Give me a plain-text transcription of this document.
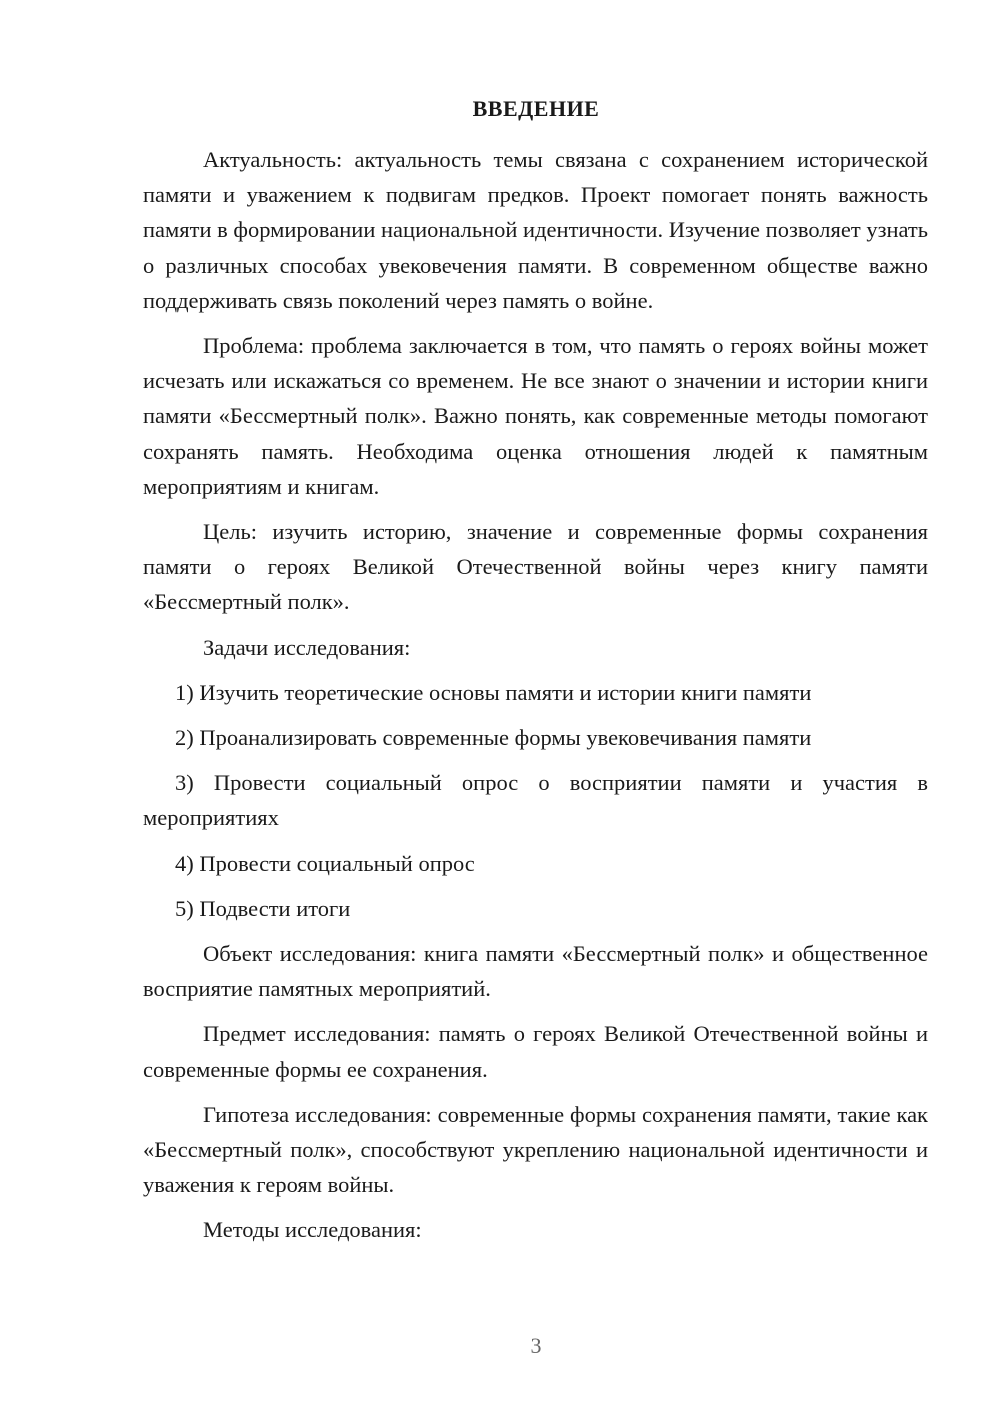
ВВЕДЕНИЕ

Актуальность: актуальность темы связана с сохранением исторической памяти и уважением к подвигам предков. Проект помогает понять важность памяти в формировании национальной идентичности. Изучение позволяет узнать о различных способах увековечения памяти. В современном обществе важно поддерживать связь поколений через память о войне.

Проблема: проблема заключается в том, что память о героях войны может исчезать или искажаться со временем. Не все знают о значении и истории книги памяти «Бессмертный полк». Важно понять, как современные методы помогают сохранять память. Необходима оценка отношения людей к памятным мероприятиям и книгам.

Цель: изучить историю, значение и современные формы сохранения памяти о героях Великой Отечественной войны через книгу памяти «Бессмертный полк».

Задачи исследования:

1) Изучить теоретические основы памяти и истории книги памяти

2) Проанализировать современные формы увековечивания памяти

3) Провести социальный опрос о восприятии памяти и участия в мероприятиях

4) Провести социальный опрос

5) Подвести итоги

Объект исследования: книга памяти «Бессмертный полк» и общественное восприятие памятных мероприятий.

Предмет исследования: память о героях Великой Отечественной войны и современные формы ее сохранения.

Гипотеза исследования: современные формы сохранения памяти, такие как «Бессмертный полк», способствуют укреплению национальной идентичности и уважения к героям войны.

Методы исследования:

3
